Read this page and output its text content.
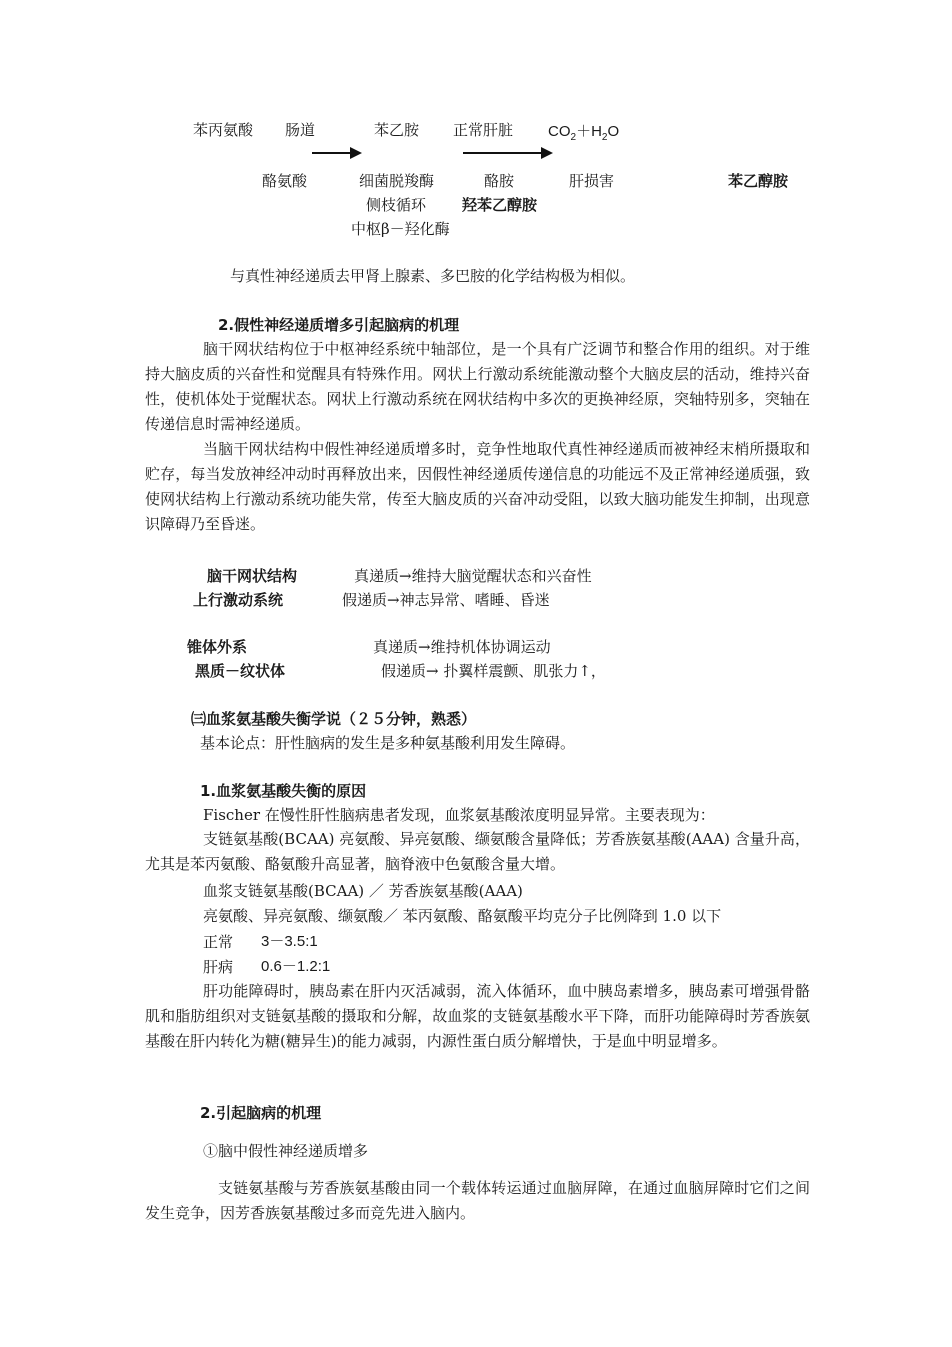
苯丙氨酸 肠道	苯乙胺 正常肝脏 $CO_2+H_2O$
酪氨酸	细菌脱羧酶	酪胺	肝损害	苯乙醇胺
侧枝循环 羟苯乙醇胺
中枢β－羟化酶
与真性神经递质去甲肾上腺素、多巴胺的化学结构极为相似。
2.假性神经递质增多引起脑病的机理
脑干网状结构位于中枢神经系统中轴部位，是一个具有广泛调节和整合作用的组织。对于维持大脑皮质的兴奋性和觉醒具有特殊作用。网状上行激动系统能激动整个大脑皮层的活动，维持兴奋性，使机体处于觉醒状态。网状上行激动系统在网状结构中多次的更换神经原，突轴特别多，突轴在传递信息时需神经递质。
当脑干网状结构中假性神经递质增多时，竞争性地取代真性神经递质而被神经末梢所摄取和贮存，每当发放神经冲动时再释放出来，因假性神经递质传递信息的功能远不及正常神经递质强，致使网状结构上行激动系统功能失常，传至大脑皮质的兴奋冲动受阻，以致大脑功能发生抑制，出现意识障碍乃至昏迷。
脑干网状结构	真递质→维持大脑觉醒状态和兴奋性
上行激动系统	假递质→神志异常、嗜睡、昏迷
锥体外系	真递质→维持机体协调运动
黑质－纹状体	假递质→ 扑翼样震颤、肌张力↑，
㈢血浆氨基酸失衡学说（２５分钟，熟悉）
基本论点：肝性脑病的发生是多种氨基酸利用发生障碍。
1.血浆氨基酸失衡的原因
Fischer 在慢性肝性脑病患者发现，血浆氨基酸浓度明显异常。主要表现为：
支链氨基酸(BCAA) 亮氨酸、异亮氨酸、缬氨酸含量降低；芳香族氨基酸(AAA) 含量升高，尤其是苯丙氨酸、酪氨酸升高显著，脑脊液中色氨酸含量大增。
血浆支链氨基酸(BCAA) ／ 芳香族氨基酸(AAA)
亮氨酸、异亮氨酸、缬氨酸／ 苯丙氨酸、酪氨酸平均克分子比例降到 1.0 以下
正常 3－3.5:1
肝病 0.6－1.2:1
肝功能障碍时，胰岛素在肝内灭活减弱，流入体循环，血中胰岛素增多，胰岛素可增强骨骼肌和脂肪组织对支链氨基酸的摄取和分解，故血浆的支链氨基酸水平下降，而肝功能障碍时芳香族氨基酸在肝内转化为糖(糖异生)的能力减弱，内源性蛋白质分解增快，于是血中明显增多。
2.引起脑病的机理
①脑中假性神经递质增多
支链氨基酸与芳香族氨基酸由同一个载体转运通过血脑屏障，在通过血脑屏障时它们之间发生竞争，因芳香族氨基酸过多而竞先进入脑内。
